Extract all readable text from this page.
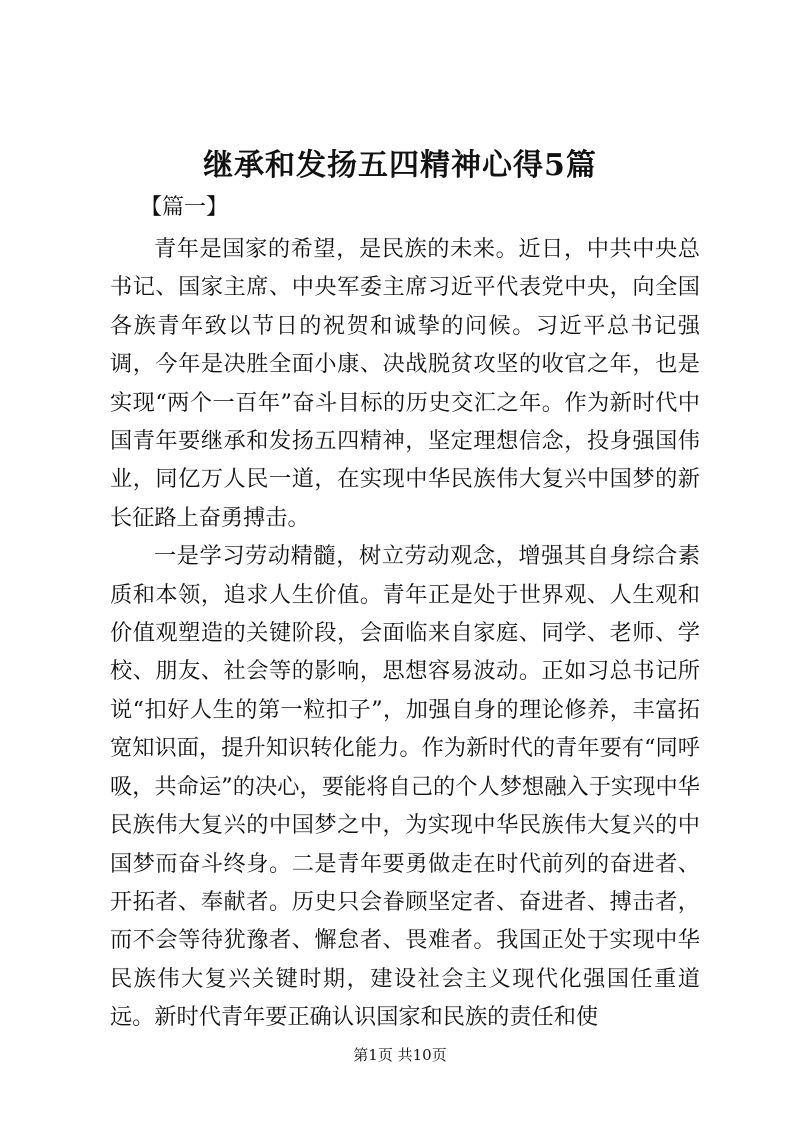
继承和发扬五四精神心得5篇
【篇一】

青年是国家的希望，是民族的未来。近日，中共中央总书记、国家主席、中央军委主席习近平代表党中央，向全国各族青年致以节日的祝贺和诚挚的问候。习近平总书记强调，今年是决胜全面小康、决战脱贫攻坚的收官之年，也是实现“两个一百年”奋斗目标的历史交汇之年。作为新时代中国青年要继承和发扬五四精神，坚定理想信念，投身强国伟业，同亿万人民一道，在实现中华民族伟大复兴中国梦的新长征路上奋勇搏击。

一是学习劳动精髓，树立劳动观念，增强其自身综合素质和本领，追求人生价值。青年正是处于世界观、人生观和价值观塑造的关键阶段，会面临来自家庭、同学、老师、学校、朋友、社会等的影响，思想容易波动。正如习总书记所说“扣好人生的第一粒扣子”，加强自身的理论修养，丰富拓宽知识面，提升知识转化能力。作为新时代的青年要有“同呼吸，共命运”的决心，要能将自己的个人梦想融入于实现中华民族伟大复兴的中国梦之中，为实现中华民族伟大复兴的中国梦而奋斗终身。二是青年要勇做走在时代前列的奋进者、开拓者、奉献者。历史只会眷顾坚定者、奋进者、搏击者，而不会等待犹豫者、懈怠者、畏难者。我国正处于实现中华民族伟大复兴关键时期，建设社会主义现代化强国任重道远。新时代青年要正确认识国家和民族的责任和使

第1页 共10页
